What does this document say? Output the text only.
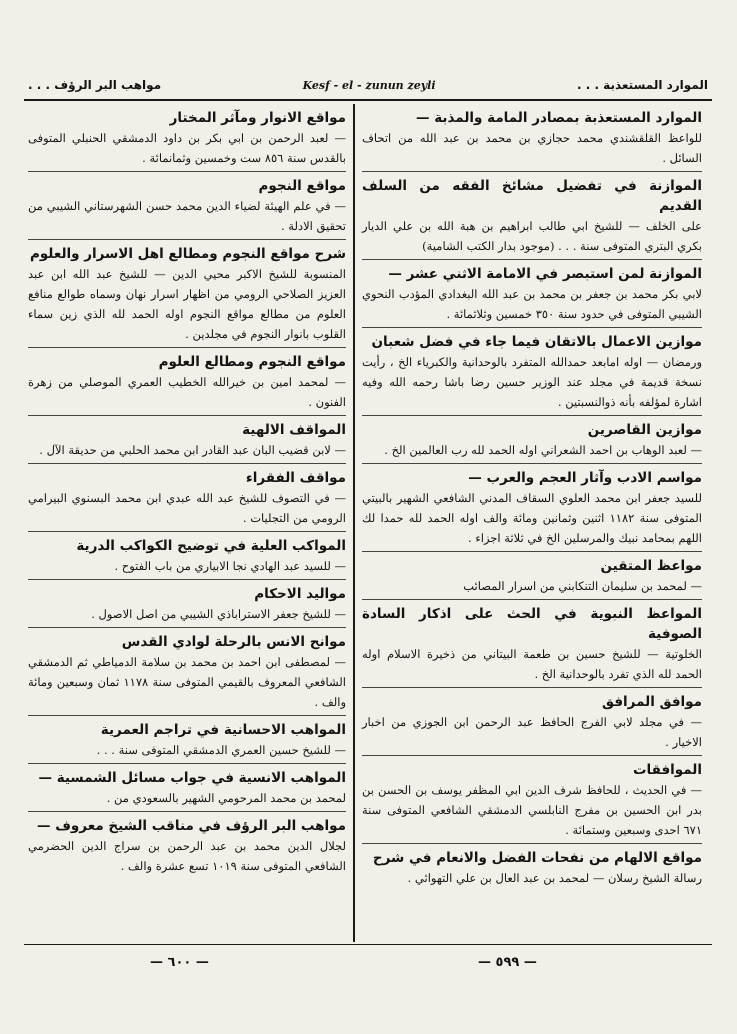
مواهب البر الرؤف . . .	Kesf - el - zunun zeyli	الموارد المستعذبة . . .
الموارد المستعذبة بمصادر المامة والمذبة —
للواعظ القلقشندي محمد حجازي بن محمد بن عبد الله من اتحاف السائل .
الموازنة في تفضيل مشائخ الفقه من السلف القديم
على الخلف — للشيخ ابي طالب ابراهيم بن هبة الله بن علي الديار بكري البتري المتوفى سنة . . . (موجود بدار الكتب الشامية)
الموازنة لمن استبصر في الامامة الاثني عشر —
لابي بكر محمد بن جعفر بن محمد بن عبد الله البغدادي المؤدب النحوي الشيبي المتوفى في حدود سنة ٣٥٠ خمسين وثلاثمائة .
موازين الاعمال بالاتقان فيما جاء في فضل شعبان
ورمضان — اوله امابعد حمدالله المتفرد بالوحدانية والكبرياء الخ ، رأيت نسخة قديمة في مجلد عند الوزير حسين رضا باشا رحمه الله وفيه اشارة لمؤلفه بأنه ذوالنسبتين .
موازين القاصرين
— لعبد الوهاب بن احمد الشعراني اوله الحمد لله رب العالمين الخ .
مواسم الادب وآثار العجم والعرب —
للسيد جعفر ابن محمد العلوي السقاف المدني الشافعي الشهير بالبيتي المتوفى سنة ١١٨٢ اثنين وثمانين ومائة والف اوله الحمد لله حمدا لك اللهم بمحامد نبيك والمرسلين الخ في ثلاثة اجزاء .
مواعظ المتقين
— لمحمد بن سليمان التنكابني من اسرار المصائب
المواعظ النبوية في الحث على اذكار السادة الصوفية
الخلوتية — للشيخ حسين بن طعمة البيتاني من ذخيرة الاسلام اوله الحمد لله الذي تفرد بالوحدانية الخ .
موافق المرافق
— في مجلد لابي الفرج الحافظ عبد الرحمن ابن الجوزي من اخبار الاخيار .
الموافقات
— في الحديث ، للحافظ شرف الدين ابي المظفر يوسف بن الحسن بن بدر ابن الحسين بن مفرج النابلسي الدمشقي الشافعي المتوفى سنة ٦٧١ احدى وسبعين وستمائة .
مواقع الالهام من نفحات الفضل والانعام في شرح
رسالة الشيخ رسلان — لمحمد بن عبد العال بن علي التهوائي .
مواقع الانوار ومآثر المختار
— لعبد الرحمن بن ابي بكر بن داود الدمشقي الحنبلي المتوفى بالقدس سنة ٨٥٦ ست وخمسين وثمانمائة .
مواقع النجوم
— في علم الهيئة لضياء الدين محمد حسن الشهرستاني الشيبي من تحقيق الادلة .
شرح مواقع النجوم ومطالع اهل الاسرار والعلوم
المنسوبة للشيخ الاكبر محيي الدين — للشيخ عبد الله ابن عبد العزيز الصلاحي الرومي من اظهار اسرار نهان وسماه طوالع منافع العلوم من مطالع مواقع النجوم اوله الحمد لله الذي زين سماء القلوب بانوار النجوم في مجلدين .
مواقع النجوم ومطالع العلوم
— لمحمد امين بن خيرالله الخطيب العمري الموصلي من زهرة الفنون .
المواقف الالهية
— لابن قضيب البان عبد القادر ابن محمد الحلبي من حديقة الآل .
مواقف الفقراء
— في التصوف للشيخ عبد الله عبدي ابن محمد البسنوي البيرامي الرومي من التجليات .
المواكب العلية في توضيح الكواكب الدرية
— للسيد عبد الهادي نجا الابياري من باب الفتوح .
مواليد الاحكام
— للشيخ جعفر الاستراباذي الشيبي من اصل الاصول .
موانح الانس بالرحلة لوادي القدس
— لمصطفى ابن احمد بن محمد بن سلامة الدمياطي ثم الدمشقي الشافعي المعروف بالقيمي المتوفى سنة ١١٧٨ ثمان وسبعين ومائة والف .
المواهب الاحسانية في تراجم العمرية
— للشيخ حسين العمري الدمشقي المتوفى سنة . . .
المواهب الانسية في جواب مسائل الشمسية —
لمحمد بن محمد المرحومي الشهير بالسعودي من .
مواهب البر الرؤف في مناقب الشيخ معروف —
لجلال الدين محمد بن عبد الرحمن بن سراج الدين الحضرمي الشافعي المتوفى سنة ١٠١٩ تسع عشرة والف .
— ٦٠٠ —	— ٥٩٩ —
